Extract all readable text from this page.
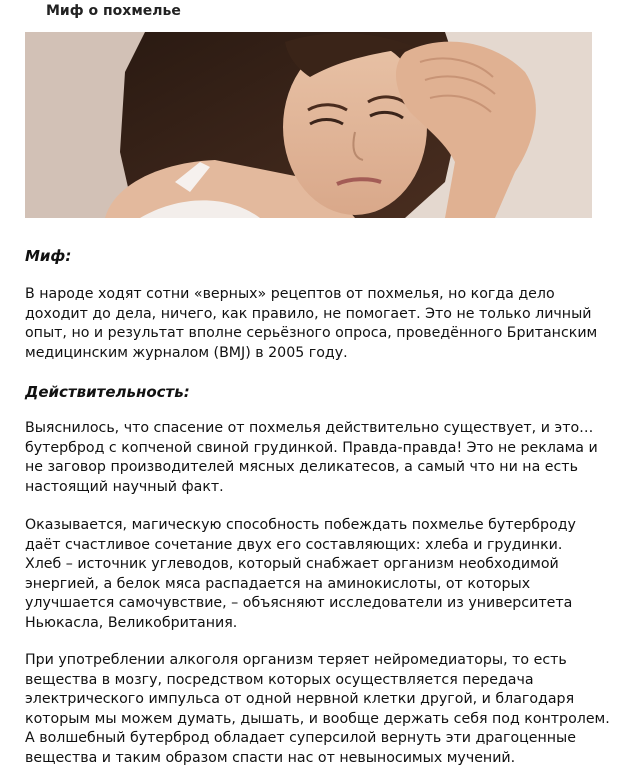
Миф о похмелье
Миф:
В народе ходят сотни «верных» рецептов от похмелья, но когда дело
доходит до дела, ничего, как правило, не помогает. Это не только личный
опыт, но и результат вполне серьёзного опроса, проведённого Британским
медицинским журналом (BMJ) в 2005 году.
Действительность:
Выяснилось, что спасение от похмелья действительно существует, и это…
бутерброд с копченой свиной грудинкой. Правда-правда! Это не реклама и
не заговор производителей мясных деликатесов, а самый что ни на есть
настоящий научный факт.
Оказывается, магическую способность побеждать похмелье бутерброду
даёт счастливое сочетание двух его составляющих: хлеба и грудинки.
Хлеб – источник углеводов, который снабжает организм необходимой
энергией, а белок мяса распадается на аминокислоты, от которых
улучшается самочувствие, – объясняют исследователи из университета
Ньюкасла, Великобритания.
При употреблении алкоголя организм теряет нейромедиаторы, то есть
вещества в мозгу, посредством которых осуществляется передача
электрического импульса от одной нервной клетки другой, и благодаря
которым мы можем думать, дышать, и вообще держать себя под контролем.
А волшебный бутерброд обладает суперсилой вернуть эти драгоценные
вещества и таким образом спасти нас от невыносимых мучений.
